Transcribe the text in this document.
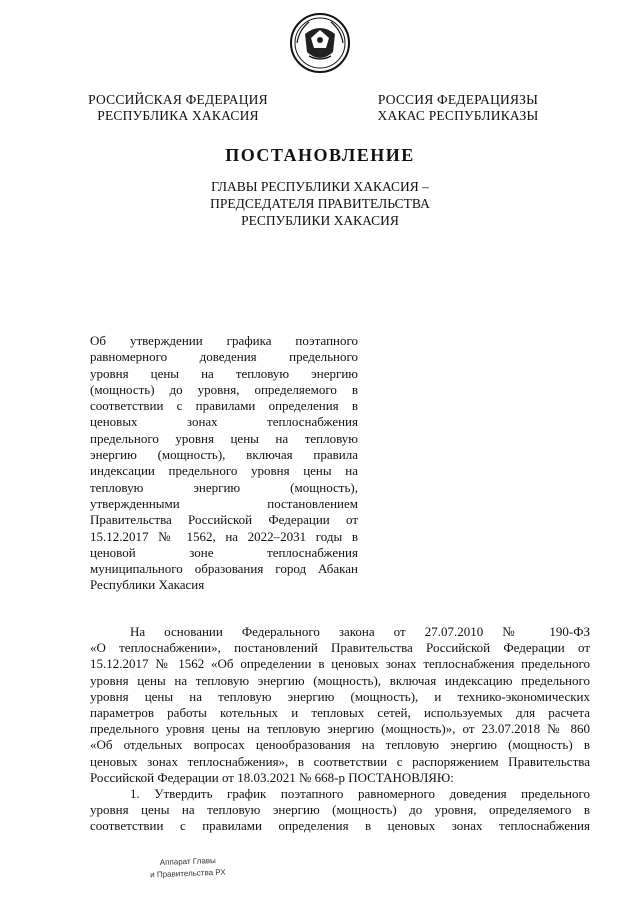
РОССИЙСКАЯ ФЕДЕРАЦИЯ
РЕСПУБЛИКА ХАКАСИЯ
РОССИЯ ФЕДЕРАЦИЯЗЫ
ХАКАС РЕСПУБЛИКАЗЫ
ПОСТАНОВЛЕНИЕ
ГЛАВЫ РЕСПУБЛИКИ ХАКАСИЯ –
ПРЕДСЕДАТЕЛЯ ПРАВИТЕЛЬСТВА
РЕСПУБЛИКИ ХАКАСИЯ
Об утверждении графика поэтапного
равномерного доведения предельного
уровня цены на тепловую энергию
(мощность) до уровня, определяемого в
соответствии с правилами определения в
ценовых зонах теплоснабжения
предельного уровня цены на тепловую
энергию (мощность), включая правила
индексации предельного уровня цены на
тепловую энергию (мощность),
утвержденными постановлением
Правительства Российской Федерации от
15.12.2017 № 1562, на 2022–2031 годы в
ценовой зоне теплоснабжения
муниципального образования город Абакан
Республики Хакасия
На основании Федерального закона от 27.07.2010 № 190-ФЗ
«О теплоснабжении», постановлений Правительства Российской Федерации от
15.12.2017 № 1562 «Об определении в ценовых зонах теплоснабжения предельного
уровня цены на тепловую энергию (мощность), включая индексацию предельного
уровня цены на тепловую энергию (мощность), и технико-экономических
параметров работы котельных и тепловых сетей, используемых для расчета
предельного уровня цены на тепловую энергию (мощность)», от 23.07.2018 № 860
«Об отдельных вопросах ценообразования на тепловую энергию (мощность) в
ценовых зонах теплоснабжения», в соответствии с распоряжением Правительства
Российской Федерации от 18.03.2021 № 668-р ПОСТАНОВЛЯЮ:
1. Утвердить график поэтапного равномерного доведения предельного
уровня цены на тепловую энергию (мощность) до уровня, определяемого в
соответствии с правилами определения в ценовых зонах теплоснабжения
Аппарат Главы
и Правительства РХ
